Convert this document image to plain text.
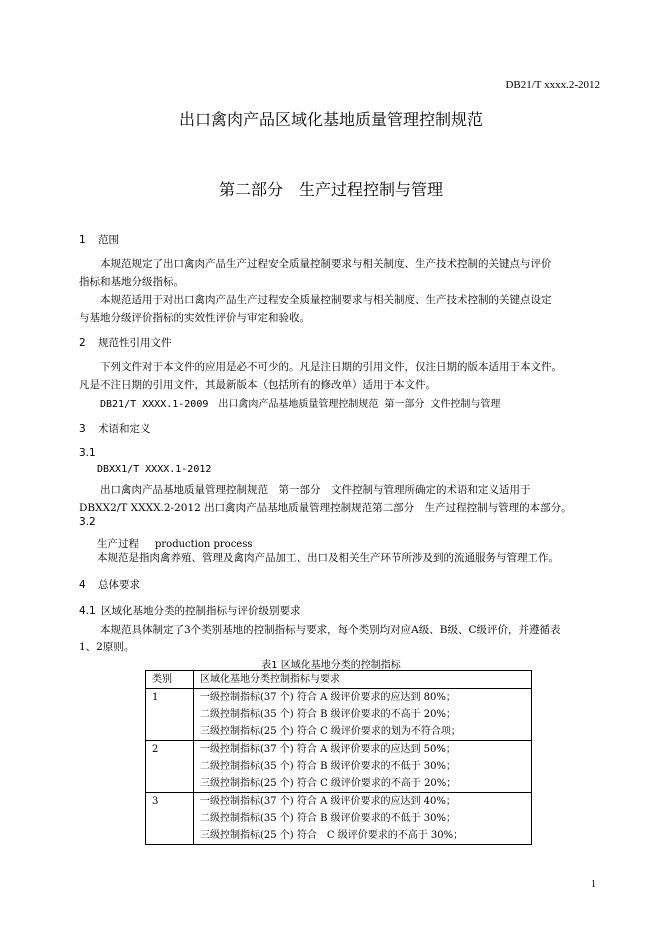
DB21/T xxxx.2-2012
出口禽肉产品区域化基地质量管理控制规范
第二部分　生产过程控制与管理
1 范围
本规范规定了出口禽肉产品生产过程安全质量控制要求与相关制度、生产技术控制的关键点与评价
指标和基地分级指标。
本规范适用于对出口禽肉产品生产过程安全质量控制要求与相关制度、生产技术控制的关键点设定
与基地分级评价指标的实效性评价与审定和验收。
2 规范性引用文件
下列文件对于本文件的应用是必不可少的。凡是注日期的引用文件，仅注日期的版本适用于本文件。
凡是不注日期的引用文件，其最新版本（包括所有的修改单）适用于本文件。
DB21/T XXXX.1-2009　出口禽肉产品基地质量管理控制规范 第一部分 文件控制与管理
3 术语和定义
3.1
DBXX1/T XXXX.1-2012
出口禽肉产品基地质量管理控制规范　第一部分　文件控制与管理所确定的术语和定义适用于
DBXX2/T XXXX.2-2012 出口禽肉产品基地质量管理控制规范第二部分　生产过程控制与管理的本部分。
3.2
生产过程 production process
本规范是指肉禽养殖、管理及禽肉产品加工、出口及相关生产环节所涉及到的流通服务与管理工作。
4 总体要求
4.1 区域化基地分类的控制指标与评价级别要求
本规范具体制定了3个类别基地的控制指标与要求，每个类别均对应A级、B级、C级评价，并遵循表
1、2原则。
表1 区域化基地分类的控制指标
类别	区域化基地分类控制指标与要求
1	一级控制指标(37 个) 符合 A 级评价要求的应达到 80%；
二级控制指标(35 个) 符合 B 级评价要求的不高于 20%；
三级控制指标(25 个) 符合 C 级评价要求的划为不符合项；

2	一级控制指标(37 个) 符合 A 级评价要求的应达到 50%；
二级控制指标(35 个) 符合 B 级评价要求的不低于 30%；
三级控制指标(25 个) 符合 C 级评价要求的不高于 20%；

3	一级控制指标(37 个) 符合 A 级评价要求的应达到 40%；
二级控制指标(35 个) 符合 B 级评价要求的不低于 30%；
三级控制指标(25 个) 符合　C 级评价要求的不高于 30%；
1
